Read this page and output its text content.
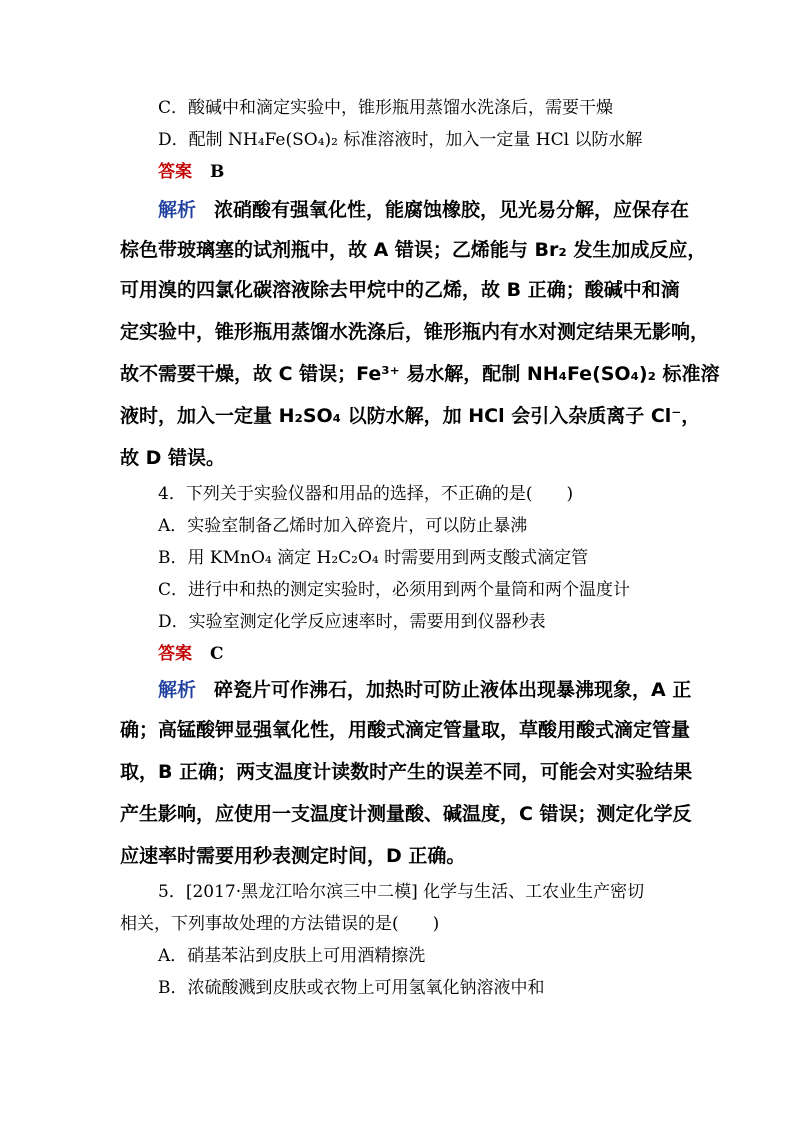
C．酸碱中和滴定实验中，锥形瓶用蒸馏水洗涤后，需要干燥
D．配制 NH₄Fe(SO₄)₂ 标准溶液时，加入一定量 HCl 以防水解
答案 B
解析 浓硝酸有强氧化性，能腐蚀橡胶，见光易分解，应保存在
棕色带玻璃塞的试剂瓶中，故 A 错误；乙烯能与 Br₂ 发生加成反应，
可用溴的四氯化碳溶液除去甲烷中的乙烯，故 B 正确；酸碱中和滴
定实验中，锥形瓶用蒸馏水洗涤后，锥形瓶内有水对测定结果无影响，
故不需要干燥，故 C 错误；Fe³⁺ 易水解，配制 NH₄Fe(SO₄)₂ 标准溶
液时，加入一定量 H₂SO₄ 以防水解，加 HCl 会引入杂质离子 Cl⁻，
故 D 错误。
4．下列关于实验仪器和用品的选择，不正确的是(　　)
A．实验室制备乙烯时加入碎瓷片，可以防止暴沸
B．用 KMnO₄ 滴定 H₂C₂O₄ 时需要用到两支酸式滴定管
C．进行中和热的测定实验时，必须用到两个量筒和两个温度计
D．实验室测定化学反应速率时，需要用到仪器秒表
答案 C
解析 碎瓷片可作沸石，加热时可防止液体出现暴沸现象，A 正
确；高锰酸钾显强氧化性，用酸式滴定管量取，草酸用酸式滴定管量
取，B 正确；两支温度计读数时产生的误差不同，可能会对实验结果
产生影响，应使用一支温度计测量酸、碱温度，C 错误；测定化学反
应速率时需要用秒表测定时间，D 正确。
5．[2017·黑龙江哈尔滨三中二模] 化学与生活、工农业生产密切
相关，下列事故处理的方法错误的是(　　)
A．硝基苯沾到皮肤上可用酒精擦洗
B．浓硫酸溅到皮肤或衣物上可用氢氧化钠溶液中和
